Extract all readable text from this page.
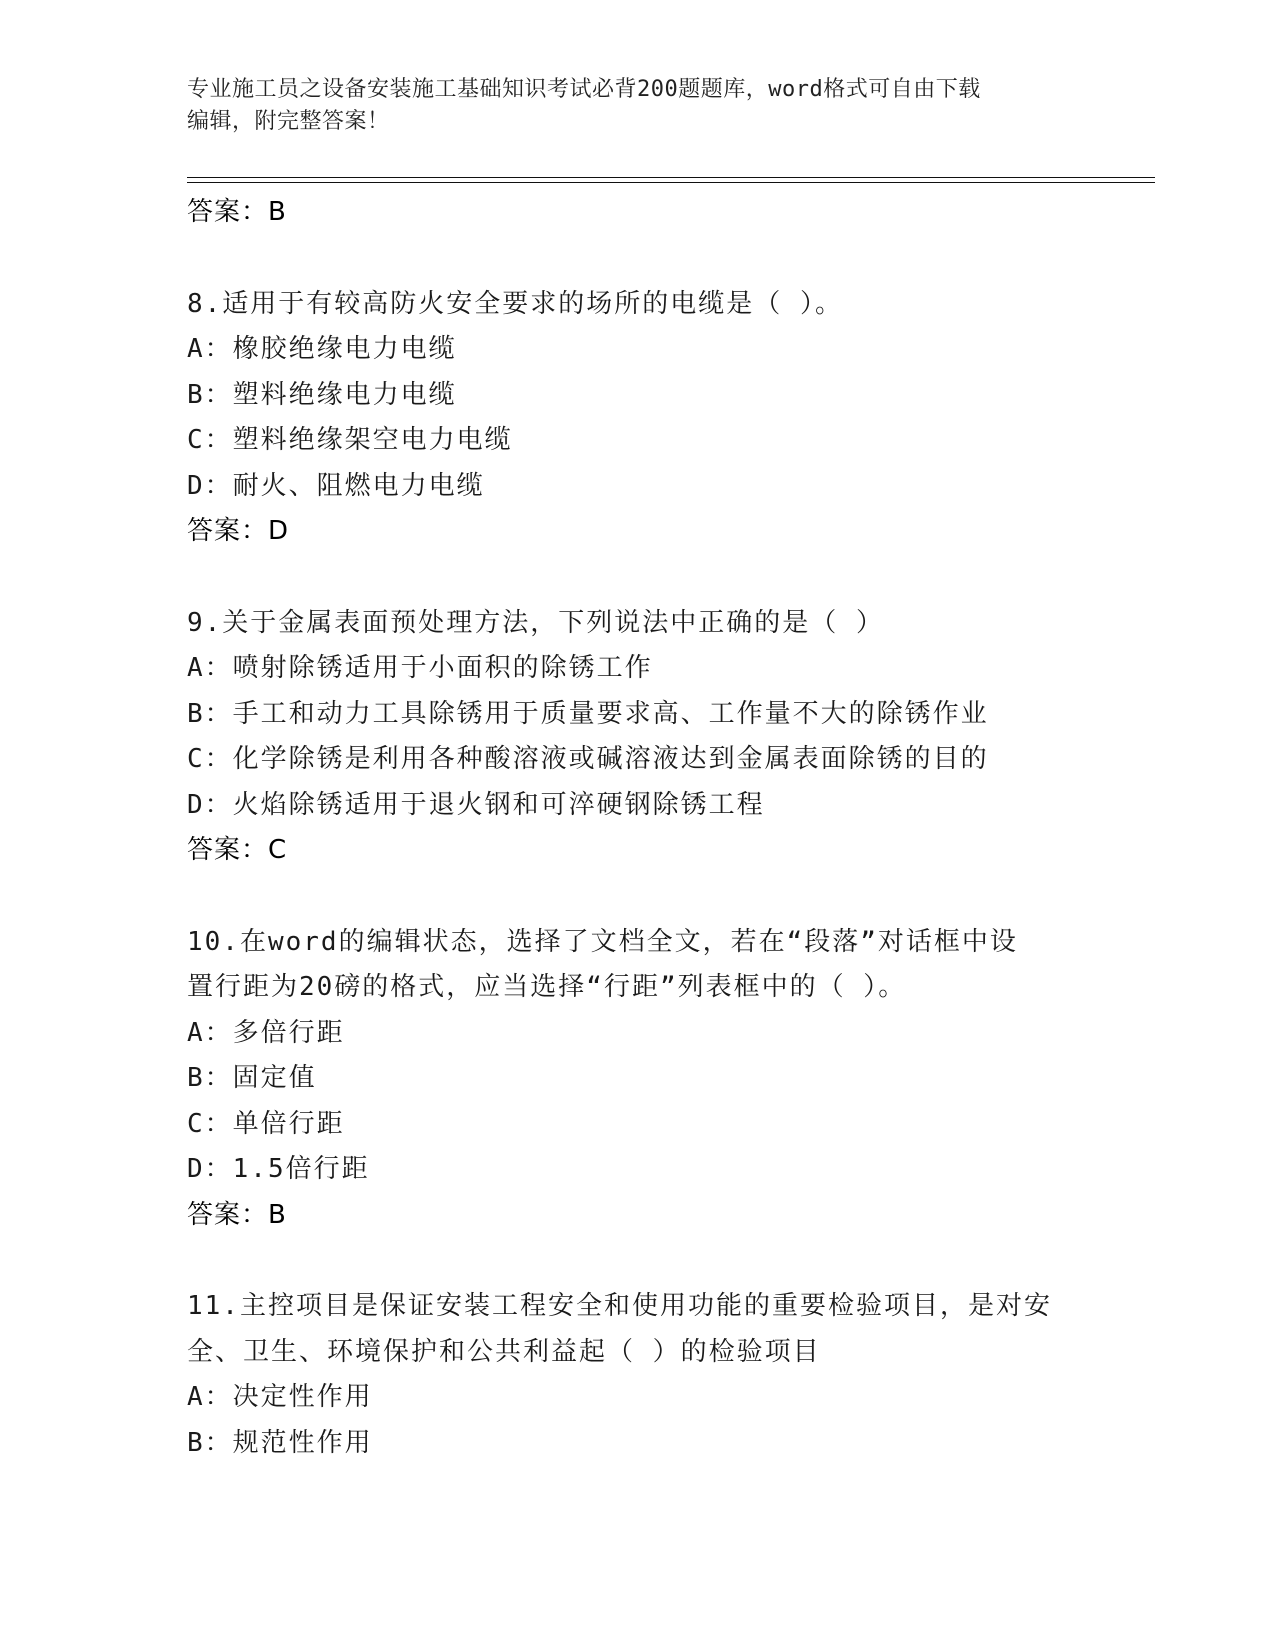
专业施工员之设备安装施工基础知识考试必背200题题库，word格式可自由下载

编辑，附完整答案！

答案：B
8.适用于有较高防火安全要求的场所的电缆是（ ）。
A：橡胶绝缘电力电缆
B：塑料绝缘电力电缆
C：塑料绝缘架空电力电缆
D：耐火、阻燃电力电缆
答案：D
9.关于金属表面预处理方法，下列说法中正确的是（ ）
A：喷射除锈适用于小面积的除锈工作
B：手工和动力工具除锈用于质量要求高、工作量不大的除锈作业
C：化学除锈是利用各种酸溶液或碱溶液达到金属表面除锈的目的
D：火焰除锈适用于退火钢和可淬硬钢除锈工程
答案：C
10.在word的编辑状态，选择了文档全文，若在“段落”对话框中设
置行距为20磅的格式，应当选择“行距”列表框中的（ ）。
A：多倍行距
B：固定值
C：单倍行距
D：1.5倍行距
答案：B
11.主控项目是保证安装工程安全和使用功能的重要检验项目，是对安
全、卫生、环境保护和公共利益起（ ）的检验项目
A：决定性作用
B：规范性作用
